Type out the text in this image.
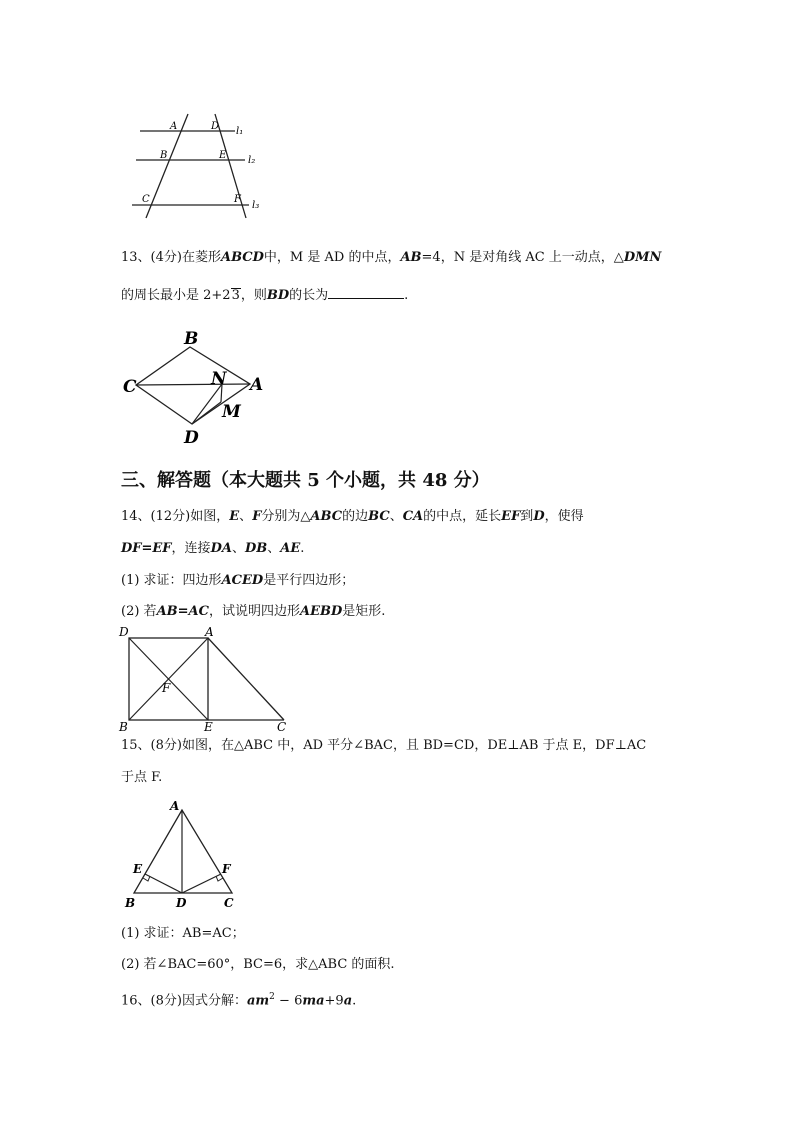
A	D l₁
B	E l₂
C	F
l₃
13、(4分)在菱形ABCD中，M 是 AD 的中点，AB=4，N 是对角线 AC 上一动点，△DMN
的周长最小是 2+23，则BD的长为	.
B
C	N A
M
D
三、解答题（本大题共 5 个小题，共 48 分）
14、(12分)如图，E、F分别为△ABC的边BC、CA的中点，延长EF到D，使得
DF=EF，连接DA、DB、AE.
(1) 求证：四边形ACED是平行四边形；
(2) 若AB=AC，试说明四边形AEBD是矩形.
D	A
F
B	E	C
15、(8分)如图，在△ABC 中，AD 平分∠BAC，且 BD=CD，DE⊥AB 于点 E，DF⊥AC
于点 F.
A
E	F
B	D	C
(1) 求证：AB=AC；
(2) 若∠BAC=60°，BC=6，求△ABC 的面积.
16、(8分)因式分解：$am^2 - 6ma+9a$.
